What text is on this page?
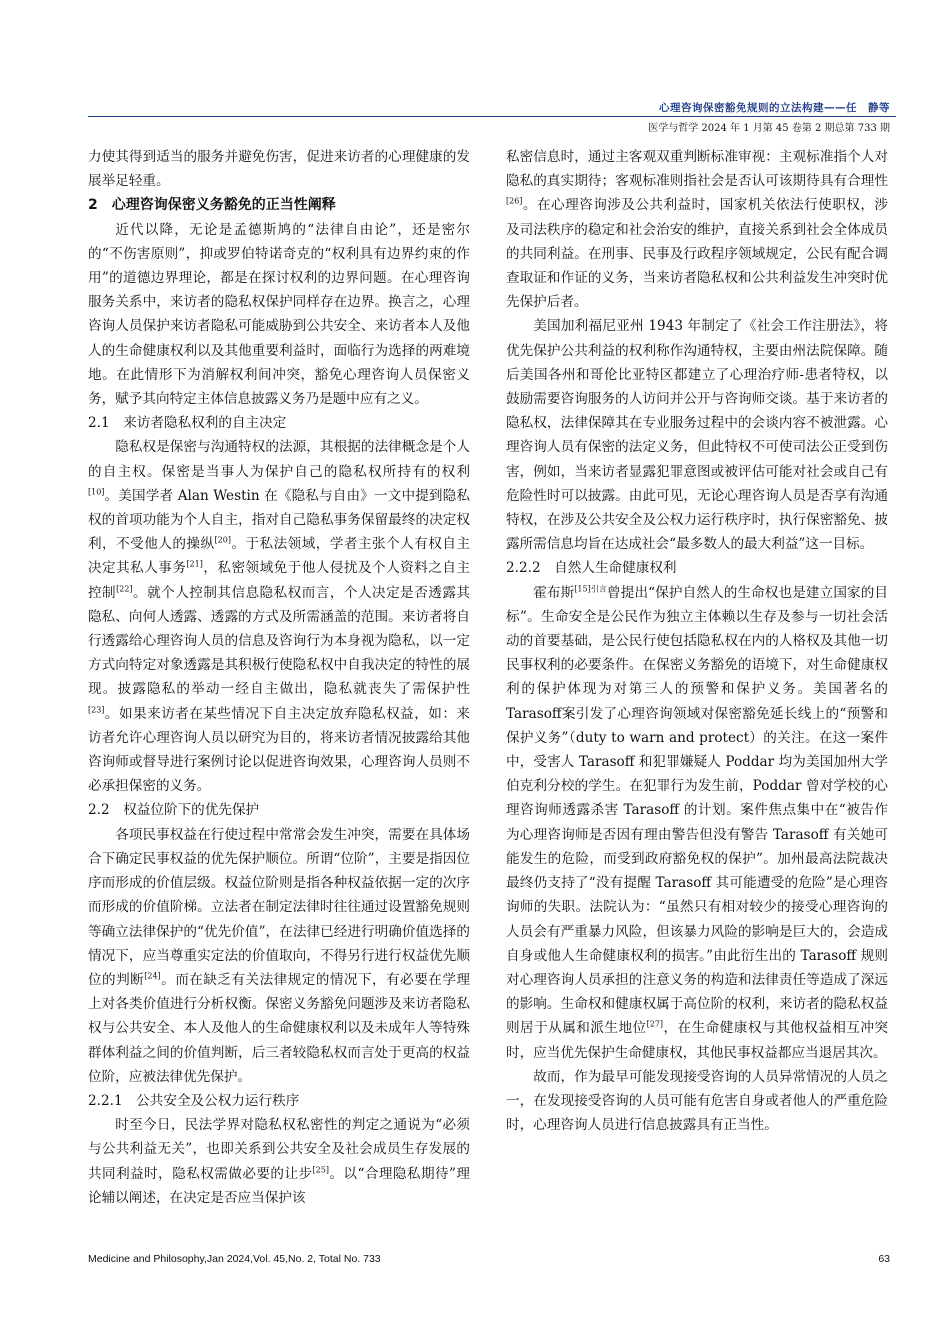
心理咨询保密豁免规则的立法构建——任　静等
医学与哲学 2024 年 1 月第 45 卷第 2 期总第 733 期

力使其得到适当的服务并避免伤害，促进来访者的心理健康的发展举足轻重。

2　心理咨询保密义务豁免的正当性阐释

近代以降，无论是孟德斯鸠的“法律自由论”，还是密尔的“不伤害原则”，抑或罗伯特诺奇克的“权利具有边界约束的作用”的道德边界理论，都是在探讨权利的边界问题。在心理咨询服务关系中，来访者的隐私权保护同样存在边界。换言之，心理咨询人员保护来访者隐私可能威胁到公共安全、来访者本人及他人的生命健康权利以及其他重要利益时，面临行为选择的两难境地。在此情形下为消解权利间冲突，豁免心理咨询人员保密义务，赋予其向特定主体信息披露义务乃是题中应有之义。

2.1　来访者隐私权利的自主决定

隐私权是保密与沟通特权的法源，其根据的法律概念是个人的自主权。保密是当事人为保护自己的隐私权所持有的权利[10]。美国学者 Alan Westin 在《隐私与自由》一文中提到隐私权的首项功能为个人自主，指对自己隐私事务保留最终的决定权利，不受他人的操纵[20]。于私法领域，学者主张个人有权自主决定其私人事务[21]，私密领域免于他人侵扰及个人资料之自主控制[22]。就个人控制其信息隐私权而言，个人决定是否透露其隐私、向何人透露、透露的方式及所需涵盖的范围。来访者将自行透露给心理咨询人员的信息及咨询行为本身视为隐私，以一定方式向特定对象透露是其积极行使隐私权中自我决定的特性的展现。披露隐私的举动一经自主做出，隐私就丧失了需保护性[23]。如果来访者在某些情况下自主决定放弃隐私权益，如：来访者允许心理咨询人员以研究为目的，将来访者情况披露给其他咨询师或督导进行案例讨论以促进咨询效果，心理咨询人员则不必承担保密的义务。

2.2　权益位阶下的优先保护

各项民事权益在行使过程中常常会发生冲突，需要在具体场合下确定民事权益的优先保护顺位。所谓“位阶”，主要是指因位序而形成的价值层级。权益位阶则是指各种权益依据一定的次序而形成的价值阶梯。立法者在制定法律时往往通过设置豁免规则等确立法律保护的“优先价值”，在法律已经进行明确价值选择的情况下，应当尊重实定法的价值取向，不得另行进行权益优先顺位的判断[24]。而在缺乏有关法律规定的情况下，有必要在学理上对各类价值进行分析权衡。保密义务豁免问题涉及来访者隐私权与公共安全、本人及他人的生命健康权利以及未成年人等特殊群体利益之间的价值判断，后三者较隐私权而言处于更高的权益位阶，应被法律优先保护。

2.2.1　公共安全及公权力运行秩序

时至今日，民法学界对隐私权私密性的判定之通说为“必须与公共利益无关”，也即关系到公共安全及社会成员生存发展的共同利益时，隐私权需做必要的让步[25]。以“合理隐私期待”理论辅以阐述，在决定是否应当保护该

私密信息时，通过主客观双重判断标准审视：主观标准指个人对隐私的真实期待；客观标准则指社会是否认可该期待具有合理性[26]。在心理咨询涉及公共利益时，国家机关依法行使职权，涉及司法秩序的稳定和社会治安的维护，直接关系到社会全体成员的共同利益。在刑事、民事及行政程序领域规定，公民有配合调查取证和作证的义务，当来访者隐私权和公共利益发生冲突时优先保护后者。

美国加利福尼亚州 1943 年制定了《社会工作注册法》，将优先保护公共利益的权利称作沟通特权，主要由州法院保障。随后美国各州和哥伦比亚特区都建立了心理治疗师-患者特权，以鼓励需要咨询服务的人访问并公开与咨询师交谈。基于来访者的隐私权，法律保障其在专业服务过程中的会谈内容不被泄露。心理咨询人员有保密的法定义务，但此特权不可使司法公正受到伤害，例如，当来访者显露犯罪意图或被评估可能对社会或自己有危险性时可以披露。由此可见，无论心理咨询人员是否享有沟通特权，在涉及公共安全及公权力运行秩序时，执行保密豁免、披露所需信息均旨在达成社会“最多数人的最大利益”这一目标。

2.2.2　自然人生命健康权利

霍布斯$^{[15]引言}$曾提出“保护自然人的生命权也是建立国家的目标”。生命安全是公民作为独立主体赖以生存及参与一切社会活动的首要基础，是公民行使包括隐私权在内的人格权及其他一切民事权利的必要条件。在保密义务豁免的语境下，对生命健康权利的保护体现为对第三人的预警和保护义务。美国著名的Tarasoff案引发了心理咨询领域对保密豁免延长线上的“预警和保护义务”（duty to warn and protect）的关注。在这一案件中，受害人 Tarasoff 和犯罪嫌疑人 Poddar 均为美国加州大学伯克利分校的学生。在犯罪行为发生前，Poddar 曾对学校的心理咨询师透露杀害 Tarasoff 的计划。案件焦点集中在“被告作为心理咨询师是否因有理由警告但没有警告 Tarasoff 有关她可能发生的危险，而受到政府豁免权的保护”。加州最高法院裁决最终仍支持了“没有提醒 Tarasoff 其可能遭受的危险”是心理咨询师的失职。法院认为：“虽然只有相对较少的接受心理咨询的人员会有严重暴力风险，但该暴力风险的影响是巨大的，会造成自身或他人生命健康权利的损害。”由此衍生出的 Tarasoff 规则对心理咨询人员承担的注意义务的构造和法律责任等造成了深远的影响。生命权和健康权属于高位阶的权利，来访者的隐私权益则居于从属和派生地位[27]，在生命健康权与其他权益相互冲突时，应当优先保护生命健康权，其他民事权益都应当退居其次。

故而，作为最早可能发现接受咨询的人员异常情况的人员之一，在发现接受咨询的人员可能有危害自身或者他人的严重危险时，心理咨询人员进行信息披露具有正当性。

Medicine and Philosophy,Jan 2024,Vol. 45,No. 2, Total No. 733	63
